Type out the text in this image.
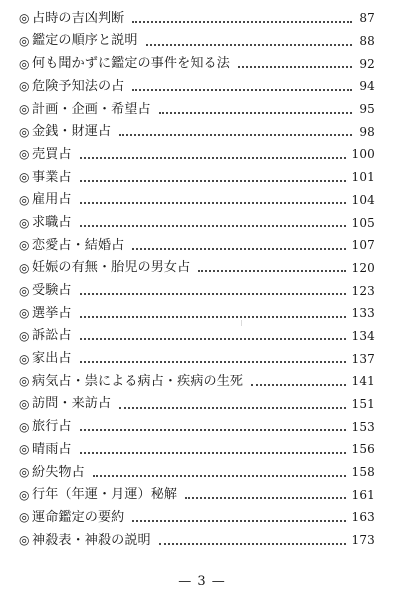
◎ 占時の吉凶判断	87
◎ 鑑定の順序と説明	88
◎ 何も聞かずに鑑定の事件を知る法	92
◎ 危険予知法の占	94
◎ 計画・企画・希望占	95
◎ 金銭・財運占	98
◎ 売買占	100
◎ 事業占	101
◎ 雇用占	104
◎ 求職占	105
◎ 恋愛占・結婚占	107
◎ 妊娠の有無・胎児の男女占	120
◎ 受験占	123
◎ 選挙占	133
◎ 訴訟占	134
◎ 家出占	137
◎ 病気占・祟による病占・疾病の生死	141
◎ 訪問・来訪占	151
◎ 旅行占	153
◎ 晴雨占	156
◎ 紛失物占	158
◎ 行年（年運・月運）秘解	161
◎ 運命鑑定の要約	163
◎ 神殺表・神殺の説明	173
— 3 —
